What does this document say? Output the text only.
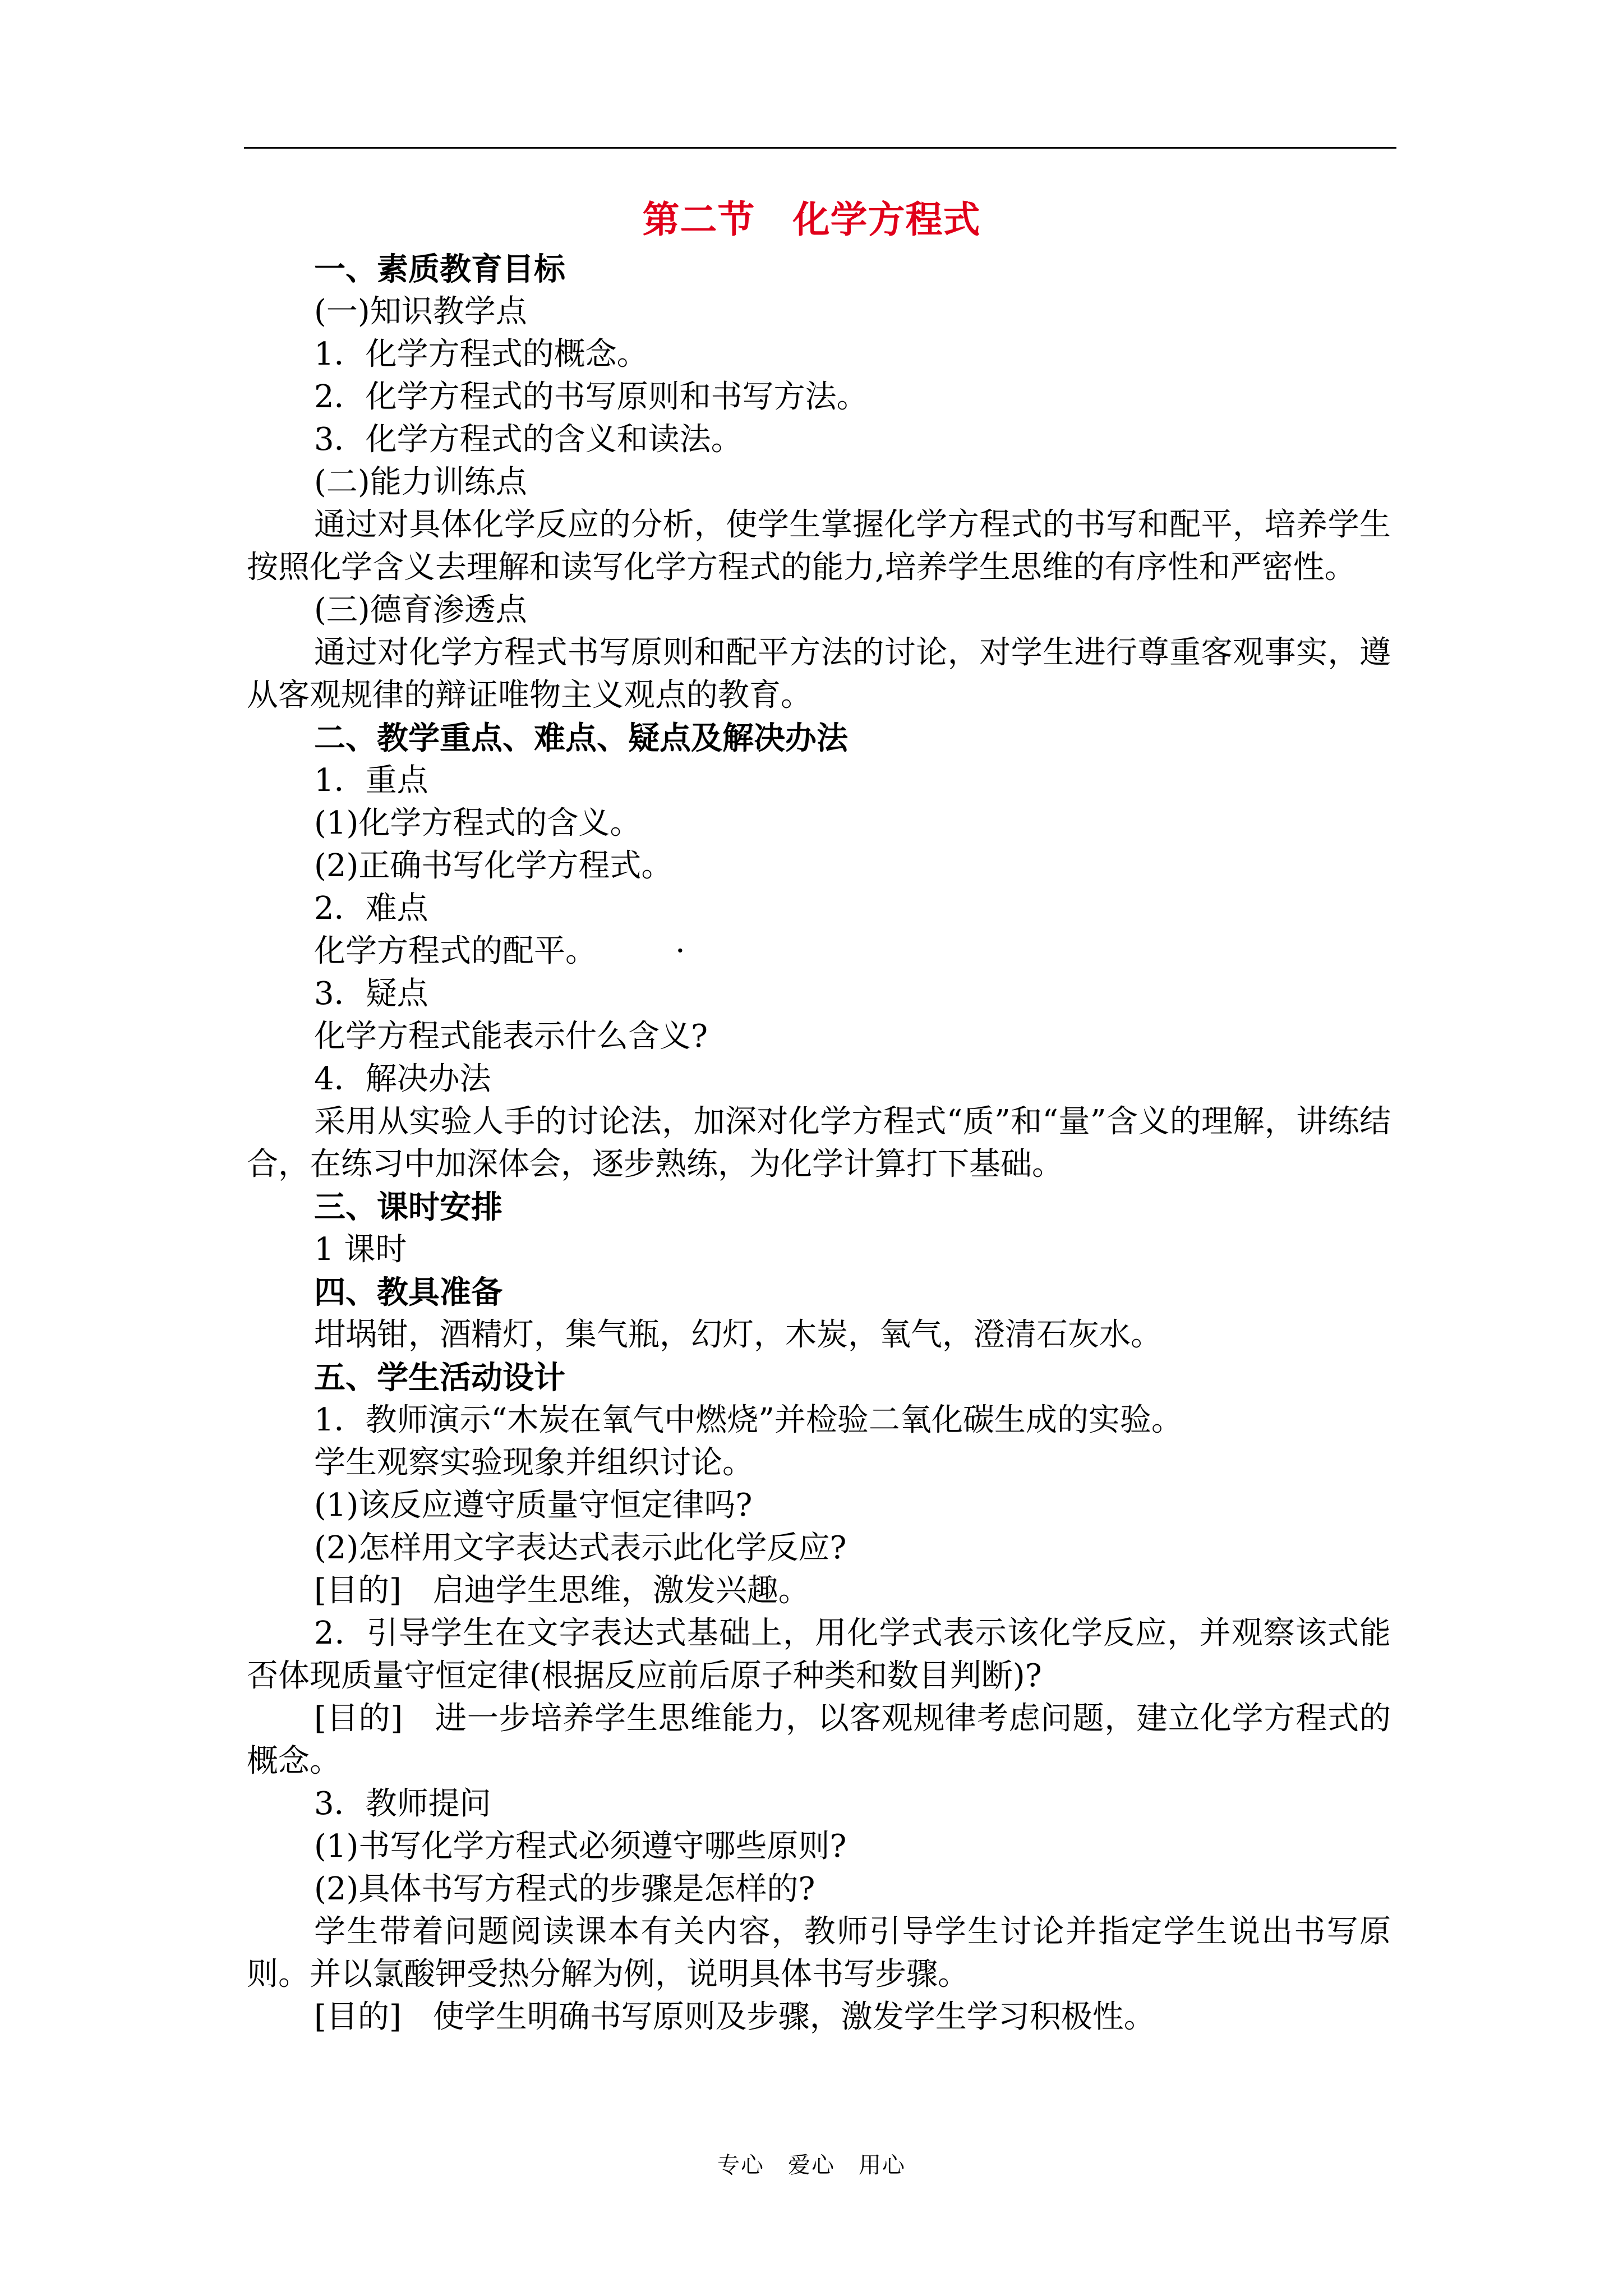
第二节　化学方程式

一、素质教育目标

(一)知识教学点

1．化学方程式的概念。

2．化学方程式的书写原则和书写方法。

3．化学方程式的含义和读法。

(二)能力训练点

通过对具体化学反应的分析，使学生掌握化学方程式的书写和配平，培养学生按照化学含义去理解和读写化学方程式的能力,培养学生思维的有序性和严密性。

(三)德育渗透点

通过对化学方程式书写原则和配平方法的讨论，对学生进行尊重客观事实，遵从客观规律的辩证唯物主义观点的教育。

二、教学重点、难点、疑点及解决办法

1．重点

(1)化学方程式的含义。

(2)正确书写化学方程式。

2．难点

化学方程式的配平。	·

3．疑点

化学方程式能表示什么含义?

4．解决办法

采用从实验人手的讨论法，加深对化学方程式“质”和“量”含义的理解，讲练结合，在练习中加深体会，逐步熟练，为化学计算打下基础。

三、课时安排

1 课时

四、教具准备

坩埚钳，酒精灯，集气瓶，幻灯，木炭，氧气，澄清石灰水。

五、学生活动设计

1．教师演示“木炭在氧气中燃烧”并检验二氧化碳生成的实验。

学生观察实验现象并组织讨论。

(1)该反应遵守质量守恒定律吗?

(2)怎样用文字表达式表示此化学反应?

[目的]　启迪学生思维，激发兴趣。

2．引导学生在文字表达式基础上，用化学式表示该化学反应，并观察该式能否体现质量守恒定律(根据反应前后原子种类和数目判断)?

[目的]　进一步培养学生思维能力，以客观规律考虑问题，建立化学方程式的概念。

3．教师提问

(1)书写化学方程式必须遵守哪些原则?

(2)具体书写方程式的步骤是怎样的?

学生带着问题阅读课本有关内容，教师引导学生讨论并指定学生说出书写原则。并以氯酸钾受热分解为例，说明具体书写步骤。

[目的]　使学生明确书写原则及步骤，激发学生学习积极性。

专心　爱心　用心
